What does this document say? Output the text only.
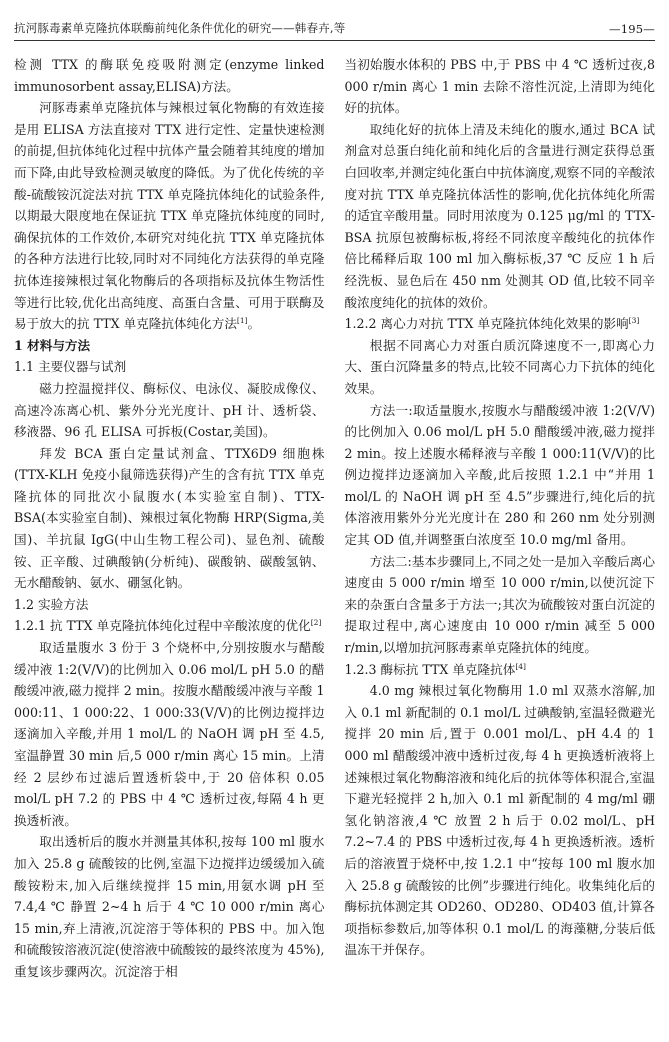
抗河豚毒素单克隆抗体联酶前纯化条件优化的研究——韩春卉,等	—195—

检测 TTX 的酶联免疫吸附测定(enzyme linked immunosorbent assay,ELISA)方法。

河豚毒素单克隆抗体与辣根过氧化物酶的有效连接是用 ELISA 方法直接对 TTX 进行定性、定量快速检测的前提,但抗体纯化过程中抗体产量会随着其纯度的增加而下降,由此导致检测灵敏度的降低。为了优化传统的辛酸-硫酸铵沉淀法对抗 TTX 单克隆抗体纯化的试验条件,以期最大限度地在保证抗 TTX 单克隆抗体纯度的同时,确保抗体的工作效价,本研究对纯化抗 TTX 单克隆抗体的各种方法进行比较,同时对不同纯化方法获得的单克隆抗体连接辣根过氧化物酶后的各项指标及抗体生物活性等进行比较,优化出高纯度、高蛋白含量、可用于联酶及易于放大的抗 TTX 单克隆抗体纯化方法[1]。

1 材料与方法

1.1 主要仪器与试剂

磁力控温搅拌仪、酶标仪、电泳仪、凝胶成像仪、高速冷冻离心机、紫外分光光度计、pH 计、透析袋、移液器、96 孔 ELISA 可拆板(Costar,美国)。

拜发 BCA 蛋白定量试剂盒、TTX6D9 细胞株(TTX-KLH 免疫小鼠筛选获得)产生的含有抗 TTX 单克隆抗体的同批次小鼠腹水(本实验室自制)、TTX-BSA(本实验室自制)、辣根过氧化物酶 HRP(Sigma,美国)、羊抗鼠 IgG(中山生物工程公司)、显色剂、硫酸铵、正辛酸、过碘酸钠(分析纯)、碳酸钠、碳酸氢钠、无水醋酸钠、氨水、硼氢化钠。

1.2 实验方法

1.2.1 抗 TTX 单克隆抗体纯化过程中辛酸浓度的优化[2]

取适量腹水 3 份于 3 个烧杯中,分别按腹水与醋酸缓冲液 1:2(V/V)的比例加入 0.06 mol/L pH 5.0 的醋酸缓冲液,磁力搅拌 2 min。按腹水醋酸缓冲液与辛酸 1 000:11、1 000:22、1 000:33(V/V)的比例边搅拌边逐滴加入辛酸,并用 1 mol/L 的 NaOH 调 pH 至 4.5,室温静置 30 min 后,5 000 r/min 离心 15 min。上清经 2 层纱布过滤后置透析袋中,于 20 倍体积 0.05 mol/L pH 7.2 的 PBS 中 4 ℃ 透析过夜,每隔 4 h 更换透析液。

取出透析后的腹水并测量其体积,按每 100 ml 腹水加入 25.8 g 硫酸铵的比例,室温下边搅拌边缓缓加入硫酸铵粉末,加入后继续搅拌 15 min,用氨水调 pH 至 7.4,4 ℃ 静置 2~4 h 后于 4 ℃ 10 000 r/min 离心 15 min,弃上清液,沉淀溶于等体积的 PBS 中。加入饱和硫酸铵溶液沉淀(使溶液中硫酸铵的最终浓度为 45%),重复该步骤两次。沉淀溶于相

当初始腹水体积的 PBS 中,于 PBS 中 4 ℃ 透析过夜,8 000 r/min 离心 1 min 去除不溶性沉淀,上清即为纯化好的抗体。

取纯化好的抗体上清及未纯化的腹水,通过 BCA 试剂盒对总蛋白纯化前和纯化后的含量进行测定获得总蛋白回收率,并测定纯化蛋白中抗体滴度,观察不同的辛酸浓度对抗 TTX 单克隆抗体活性的影响,优化抗体纯化所需的适宜辛酸用量。同时用浓度为 0.125 μg/ml 的 TTX-BSA 抗原包被酶标板,将经不同浓度辛酸纯化的抗体作倍比稀释后取 100 ml 加入酶标板,37 ℃ 反应 1 h 后经洗板、显色后在 450 nm 处测其 OD 值,比较不同辛酸浓度纯化的抗体的效价。

1.2.2 离心力对抗 TTX 单克隆抗体纯化效果的影响[3]

根据不同离心力对蛋白质沉降速度不一,即离心力大、蛋白沉降量多的特点,比较不同离心力下抗体的纯化效果。

方法一:取适量腹水,按腹水与醋酸缓冲液 1:2(V/V)的比例加入 0.06 mol/L pH 5.0 醋酸缓冲液,磁力搅拌 2 min。按上述腹水稀释液与辛酸 1 000:11(V/V)的比例边搅拌边逐滴加入辛酸,此后按照 1.2.1 中“并用 1 mol/L 的 NaOH 调 pH 至 4.5”步骤进行,纯化后的抗体溶液用紫外分光光度计在 280 和 260 nm 处分别测定其 OD 值,并调整蛋白浓度至 10.0 mg/ml 备用。

方法二:基本步骤同上,不同之处一是加入辛酸后离心速度由 5 000 r/min 增至 10 000 r/min,以使沉淀下来的杂蛋白含量多于方法一;其次为硫酸铵对蛋白沉淀的提取过程中,离心速度由 10 000 r/min 减至 5 000 r/min,以增加抗河豚毒素单克隆抗体的纯度。

1.2.3 酶标抗 TTX 单克隆抗体[4]

4.0 mg 辣根过氧化物酶用 1.0 ml 双蒸水溶解,加入 0.1 ml 新配制的 0.1 mol/L 过碘酸钠,室温轻微避光搅拌 20 min 后,置于 0.001 mol/L、pH 4.4 的 1 000 ml 醋酸缓冲液中透析过夜,每 4 h 更换透析液将上述辣根过氧化物酶溶液和纯化后的抗体等体积混合,室温下避光轻搅拌 2 h,加入 0.1 ml 新配制的 4 mg/ml 硼氢化钠溶液,4 ℃ 放置 2 h 后于 0.02 mol/L、pH 7.2~7.4 的 PBS 中透析过夜,每 4 h 更换透析液。透析后的溶液置于烧杯中,按 1.2.1 中“按每 100 ml 腹水加入 25.8 g 硫酸铵的比例”步骤进行纯化。收集纯化后的酶标抗体测定其 OD260、OD280、OD403 值,计算各项指标参数后,加等体积 0.1 mol/L 的海藻糖,分装后低温冻干并保存。
